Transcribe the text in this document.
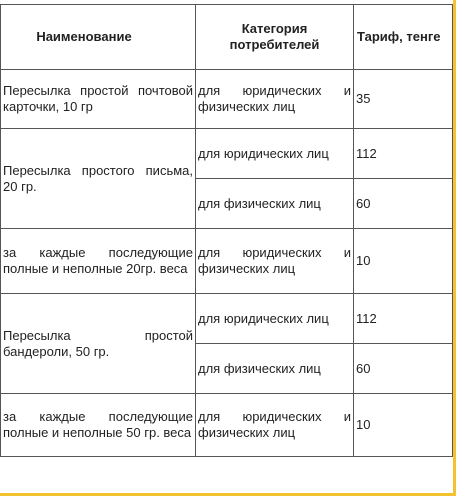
Наименование	Категория потребителей	Тариф, тенге
Пересылка простой почтовой карточки, 10 гр	для юридических и физических лиц	35
Пересылка простого письма, 20 гр.	для юридических лиц	112
	для физических лиц	60
за каждые последующие полные и неполные 20гр. веса	для юридических и физических лиц	10
Пересылка простой бандероли, 50 гр.	для юридических лиц	112
	для физических лиц	60
за каждые последующие полные и неполные 50 гр. веса	для юридических и физических лиц	10
